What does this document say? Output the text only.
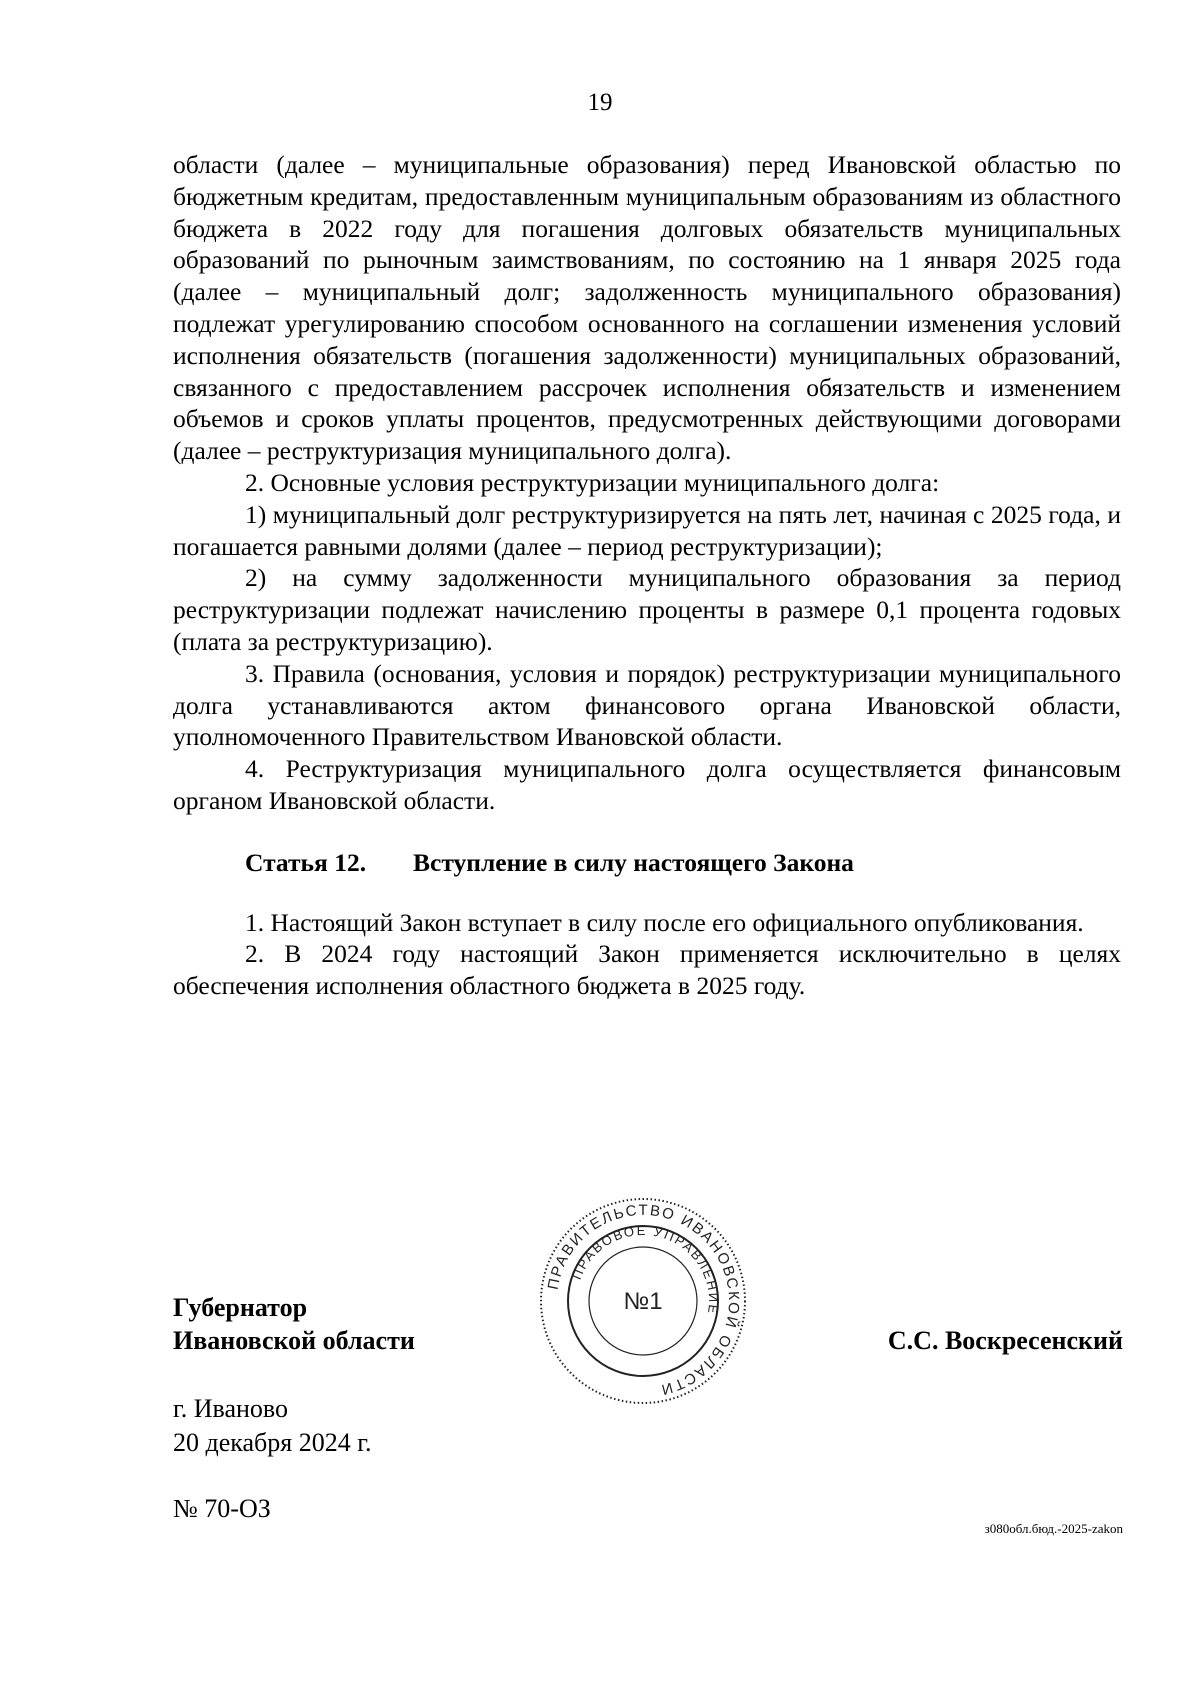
19

области (далее – муниципальные образования) перед Ивановской областью по бюджетным кредитам, предоставленным муниципальным образованиям из областного бюджета в 2022 году для погашения долговых обязательств муниципальных образований по рыночным заимствованиям, по состоянию на 1 января 2025 года (далее – муниципальный долг; задолженность муниципального образования) подлежат урегулированию способом основанного на соглашении изменения условий исполнения обязательств (погашения задолженности) муниципальных образований, связанного с предоставлением рассрочек исполнения обязательств и изменением объемов и сроков уплаты процентов, предусмотренных действующими договорами (далее – реструктуризация муниципального долга).

2. Основные условия реструктуризации муниципального долга:

1) муниципальный долг реструктуризируется на пять лет, начиная с 2025 года, и погашается равными долями (далее – период реструктуризации);

2) на сумму задолженности муниципального образования за период реструктуризации подлежат начислению проценты в размере 0,1 процента годовых (плата за реструктуризацию).

3. Правила (основания, условия и порядок) реструктуризации муниципального долга устанавливаются актом финансового органа Ивановской области, уполномоченного Правительством Ивановской области.

4. Реструктуризация муниципального долга осуществляется финансовым органом Ивановской области.

Статья 12. Вступление в силу настоящего Закона

1. Настоящий Закон вступает в силу после его официального опубликования.

2. В 2024 году настоящий Закон применяется исключительно в целях обеспечения исполнения областного бюджета в 2025 году.

ПРАВИТЕЛЬСТВО ИВАНОВСКОЙ ОБЛАСТИ
ПРАВОВОЕ УПРАВЛЕНИЕ
№1
Губернатор
Ивановской области	С.С. Воскресенский
г. Иваново
20 декабря 2024 г.
№ 70-ОЗ
з080обл.бюд.-2025-zakon
